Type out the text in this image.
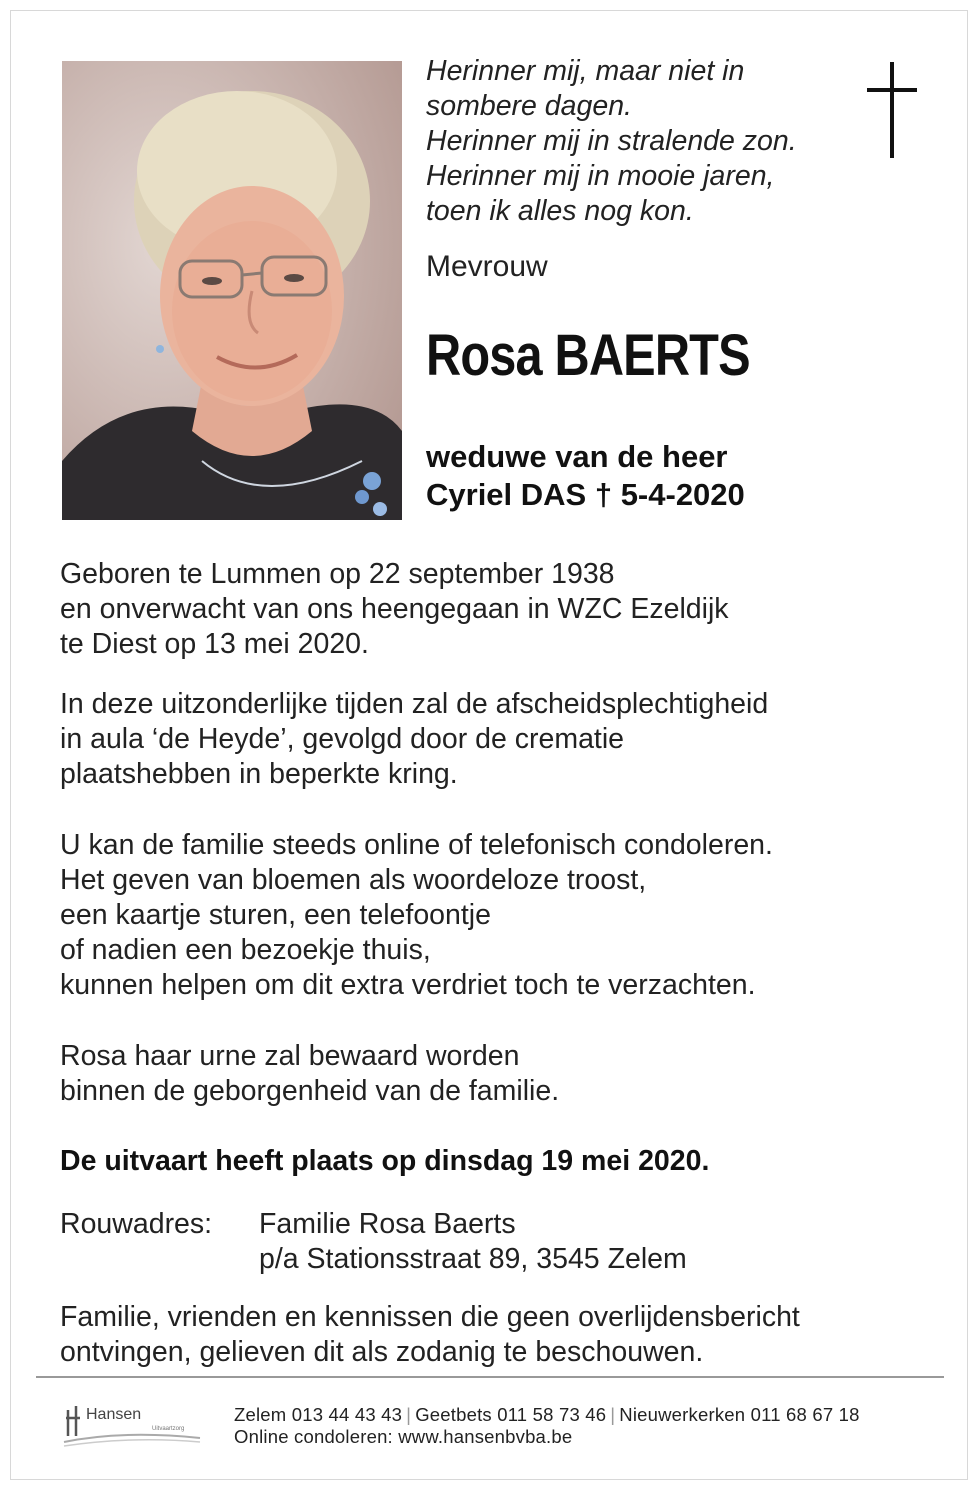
Herinner mij, maar niet in
sombere dagen.
Herinner mij in stralende zon.
Herinner mij in mooie jaren,
toen ik alles nog kon.
Mevrouw
Rosa BAERTS
weduwe van de heer
Cyriel DAS † 5-4-2020
Geboren te Lummen op 22 september 1938
en onverwacht van ons heengegaan in WZC Ezeldijk
te Diest op 13 mei 2020.
In deze uitzonderlijke tijden zal de afscheidsplechtigheid
in aula ‘de Heyde’, gevolgd door de crematie
plaatshebben in beperkte kring.
U kan de familie steeds online of telefonisch condoleren.
Het geven van bloemen als woordeloze troost,
een kaartje sturen, een telefoontje
of nadien een bezoekje thuis,
kunnen helpen om dit extra verdriet toch te verzachten.
Rosa haar urne zal bewaard worden
binnen de geborgenheid van de familie.
De uitvaart heeft plaats op dinsdag 19 mei 2020.
Rouwadres: Familie Rosa Baerts
p/a Stationsstraat 89, 3545 Zelem
Familie, vrienden en kennissen die geen overlijdensbericht
ontvingen, gelieven dit als zodanig te beschouwen.
Hansen
Uitvaartzorg
Zelem 013 44 43 43 | Geetbets 011 58 73 46 | Nieuwerkerken 011 68 67 18
Online condoleren: www.hansenbvba.be
